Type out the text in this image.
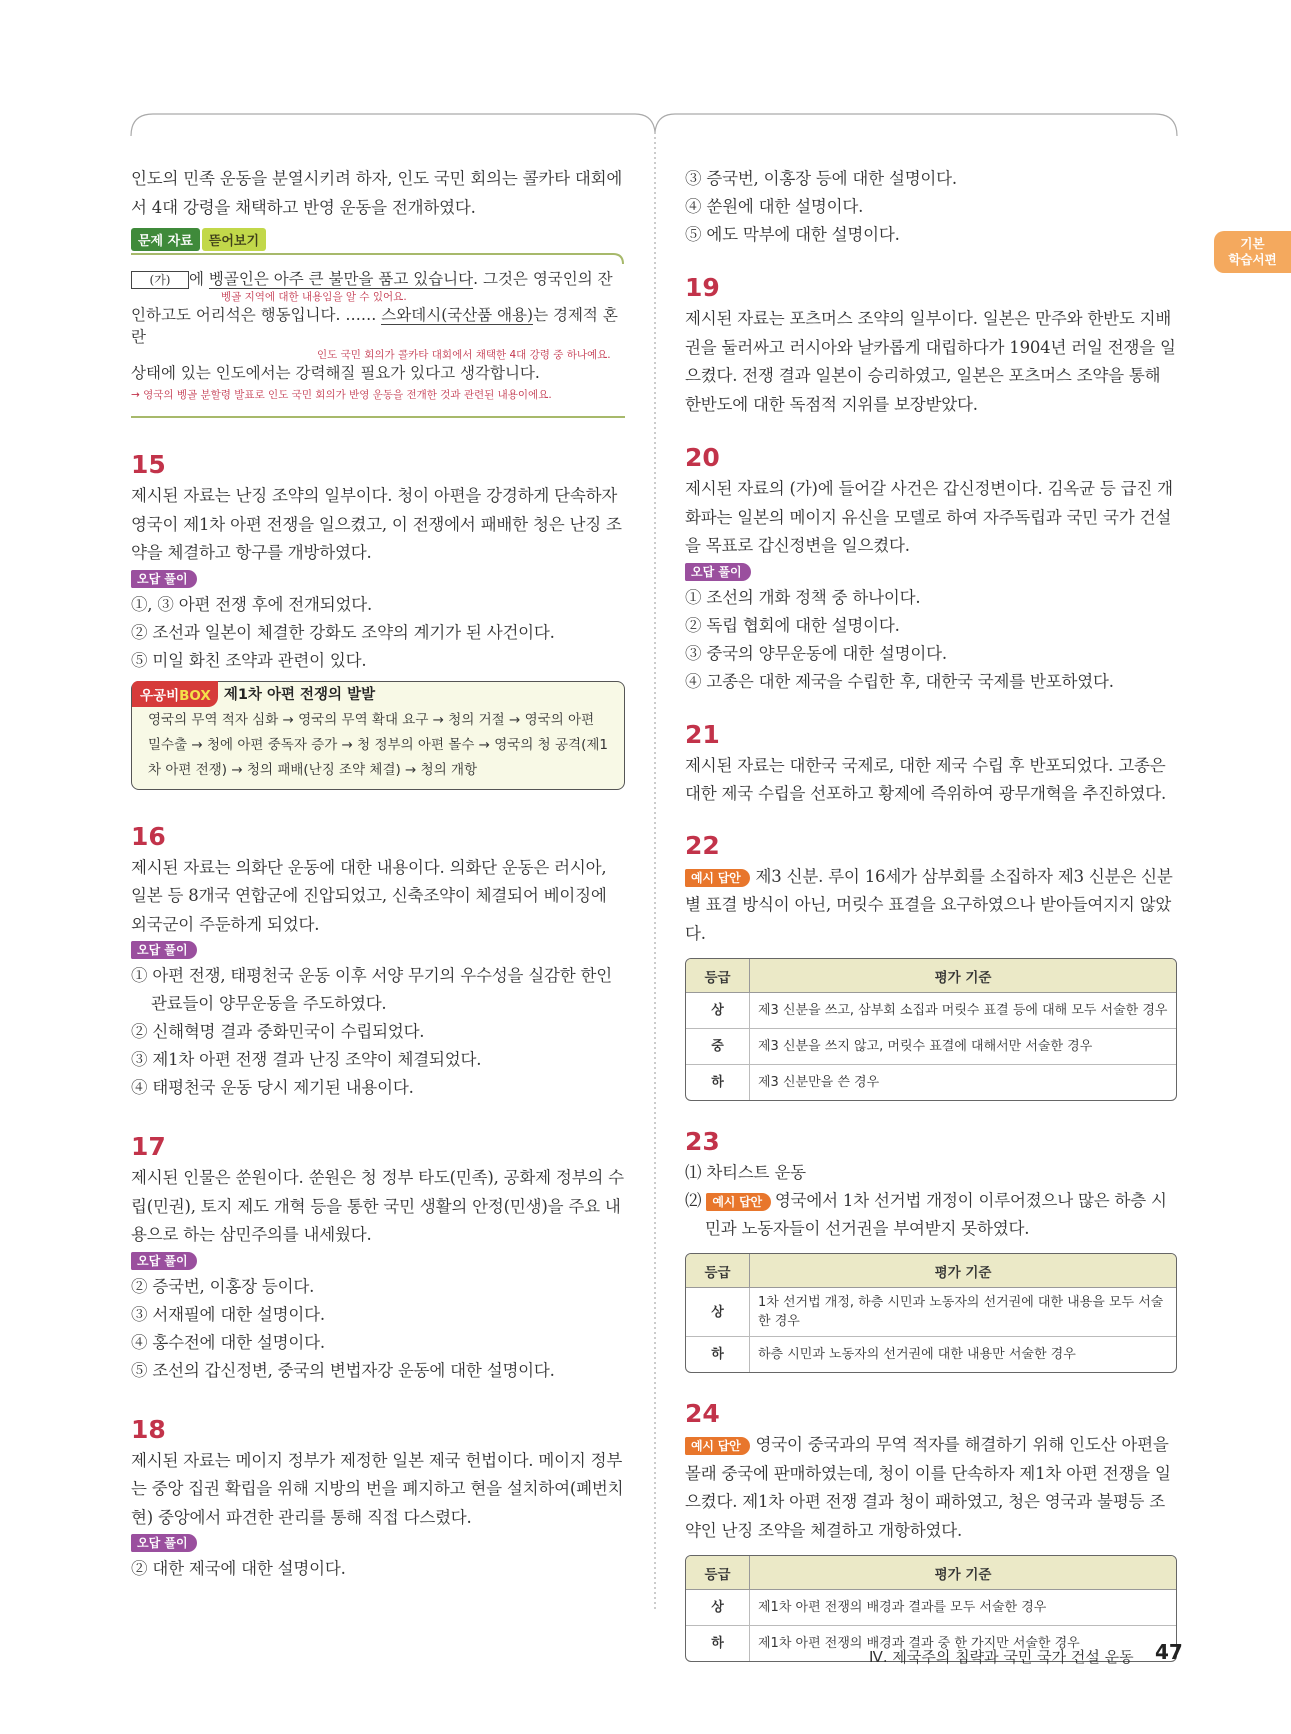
기본
학습서편

인도의 민족 운동을 분열시키려 하자, 인도 국민 회의는 콜카타 대회에서 4대 강령을 채택하고 반영 운동을 전개하였다.

문제 자료 뜯어보기

(가) 에 벵골인은 아주 큰 불만을 품고 있습니다. 그것은 영국인의 잔

벵골 지역에 대한 내용임을 알 수 있어요.

인하고도 어리석은 행동입니다. …… 스와데시(국산품 애용)는 경제적 혼란

인도 국민 회의가 콜카타 대회에서 채택한 4대 강령 중 하나예요.

상태에 있는 인도에서는 강력해질 필요가 있다고 생각합니다.

→ 영국의 벵골 분할령 발표로 인도 국민 회의가 반영 운동을 전개한 것과 관련된 내용이에요.
15

제시된 자료는 난징 조약의 일부이다. 청이 아편을 강경하게 단속하자 영국이 제1차 아편 전쟁을 일으켰고, 이 전쟁에서 패배한 청은 난징 조약을 체결하고 항구를 개방하였다.

오답 풀이

①, ③ 아편 전쟁 후에 전개되었다.

② 조선과 일본이 체결한 강화도 조약의 계기가 된 사건이다.

⑤ 미일 화친 조약과 관련이 있다.

우공비BOX 제1차 아편 전쟁의 발발
영국의 무역 적자 심화 → 영국의 무역 확대 요구 → 청의 거절 → 영국의 아편 밀수출 → 청에 아편 중독자 증가 → 청 정부의 아편 몰수 → 영국의 청 공격(제1차 아편 전쟁) → 청의 패배(난징 조약 체결) → 청의 개항
16

제시된 자료는 의화단 운동에 대한 내용이다. 의화단 운동은 러시아, 일본 등 8개국 연합군에 진압되었고, 신축조약이 체결되어 베이징에 외국군이 주둔하게 되었다.

오답 풀이

① 아편 전쟁, 태평천국 운동 이후 서양 무기의 우수성을 실감한 한인 관료들이 양무운동을 주도하였다.

② 신해혁명 결과 중화민국이 수립되었다.

③ 제1차 아편 전쟁 결과 난징 조약이 체결되었다.

④ 태평천국 운동 당시 제기된 내용이다.

17

제시된 인물은 쑨원이다. 쑨원은 청 정부 타도(민족), 공화제 정부의 수립(민권), 토지 제도 개혁 등을 통한 국민 생활의 안정(민생)을 주요 내용으로 하는 삼민주의를 내세웠다.

오답 풀이

② 증국번, 이홍장 등이다.

③ 서재필에 대한 설명이다.

④ 홍수전에 대한 설명이다.

⑤ 조선의 갑신정변, 중국의 변법자강 운동에 대한 설명이다.

18

제시된 자료는 메이지 정부가 제정한 일본 제국 헌법이다. 메이지 정부는 중앙 집권 확립을 위해 지방의 번을 폐지하고 현을 설치하여(폐번치현) 중앙에서 파견한 관리를 통해 직접 다스렸다.

오답 풀이

② 대한 제국에 대한 설명이다.

③ 증국번, 이홍장 등에 대한 설명이다.

④ 쑨원에 대한 설명이다.

⑤ 에도 막부에 대한 설명이다.

19

제시된 자료는 포츠머스 조약의 일부이다. 일본은 만주와 한반도 지배권을 둘러싸고 러시아와 날카롭게 대립하다가 1904년 러일 전쟁을 일으켰다. 전쟁 결과 일본이 승리하였고, 일본은 포츠머스 조약을 통해 한반도에 대한 독점적 지위를 보장받았다.

20

제시된 자료의 (가)에 들어갈 사건은 갑신정변이다. 김옥균 등 급진 개화파는 일본의 메이지 유신을 모델로 하여 자주독립과 국민 국가 건설을 목표로 갑신정변을 일으켰다.

오답 풀이

① 조선의 개화 정책 중 하나이다.

② 독립 협회에 대한 설명이다.

③ 중국의 양무운동에 대한 설명이다.

④ 고종은 대한 제국을 수립한 후, 대한국 국제를 반포하였다.

21

제시된 자료는 대한국 국제로, 대한 제국 수립 후 반포되었다. 고종은 대한 제국 수립을 선포하고 황제에 즉위하여 광무개혁을 추진하였다.

22

예시 답안 제3 신분. 루이 16세가 삼부회를 소집하자 제3 신분은 신분별 표결 방식이 아닌, 머릿수 표결을 요구하였으나 받아들여지지 않았다.

등급	평가 기준
상	제3 신분을 쓰고, 삼부회 소집과 머릿수 표결 등에 대해 모두 서술한 경우
중	제3 신분을 쓰지 않고, 머릿수 표결에 대해서만 서술한 경우
하	제3 신분만을 쓴 경우
23

⑴ 차티스트 운동

⑵ 예시 답안 영국에서 1차 선거법 개정이 이루어졌으나 많은 하층 시민과 노동자들이 선거권을 부여받지 못하였다.

등급	평가 기준
상	1차 선거법 개정, 하층 시민과 노동자의 선거권에 대한 내용을 모두 서술한 경우
하	하층 시민과 노동자의 선거권에 대한 내용만 서술한 경우
24

예시 답안 영국이 중국과의 무역 적자를 해결하기 위해 인도산 아편을 몰래 중국에 판매하였는데, 청이 이를 단속하자 제1차 아편 전쟁을 일으켰다. 제1차 아편 전쟁 결과 청이 패하였고, 청은 영국과 불평등 조약인 난징 조약을 체결하고 개항하였다.

등급	평가 기준
상	제1차 아편 전쟁의 배경과 결과를 모두 서술한 경우
하	제1차 아편 전쟁의 배경과 결과 중 한 가지만 서술한 경우
Ⅳ. 제국주의 침략과 국민 국가 건설 운동 47
